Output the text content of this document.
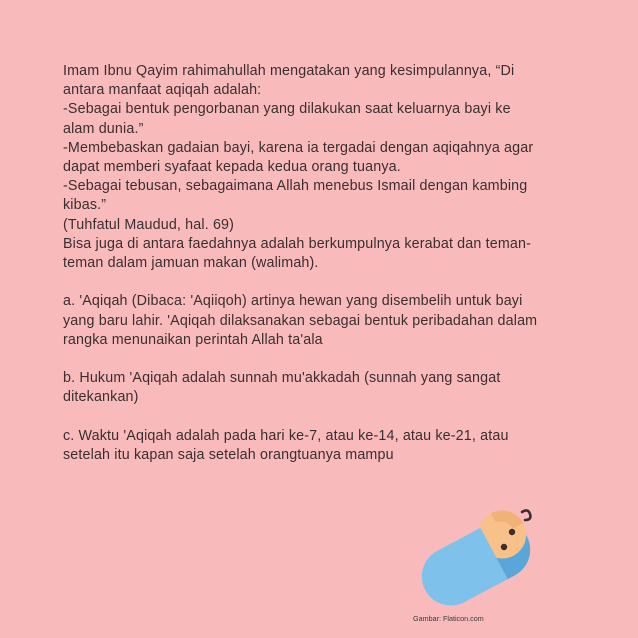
Imam Ibnu Qayim rahimahullah mengatakan yang kesimpulannya, “Di
antara manfaat aqiqah adalah:
-Sebagai bentuk pengorbanan yang dilakukan saat keluarnya bayi ke
alam dunia.”
-Membebaskan gadaian bayi, karena ia tergadai dengan aqiqahnya agar
dapat memberi syafaat kepada kedua orang tuanya.
-Sebagai tebusan, sebagaimana Allah menebus Ismail dengan kambing
kibas.”
(Tuhfatul Maudud, hal. 69)
Bisa juga di antara faedahnya adalah berkumpulnya kerabat dan teman-
teman dalam jamuan makan (walimah).
a. 'Aqiqah (Dibaca: 'Aqiiqoh) artinya hewan yang disembelih untuk bayi
yang baru lahir. 'Aqiqah dilaksanakan sebagai bentuk peribadahan dalam
rangka menunaikan perintah Allah ta'ala
b. Hukum 'Aqiqah adalah sunnah mu'akkadah (sunnah yang sangat
ditekankan)
c. Waktu 'Aqiqah adalah pada hari ke-7, atau ke-14, atau ke-21, atau
setelah itu kapan saja setelah orangtuanya mampu
Gambar: Flaticon.com
